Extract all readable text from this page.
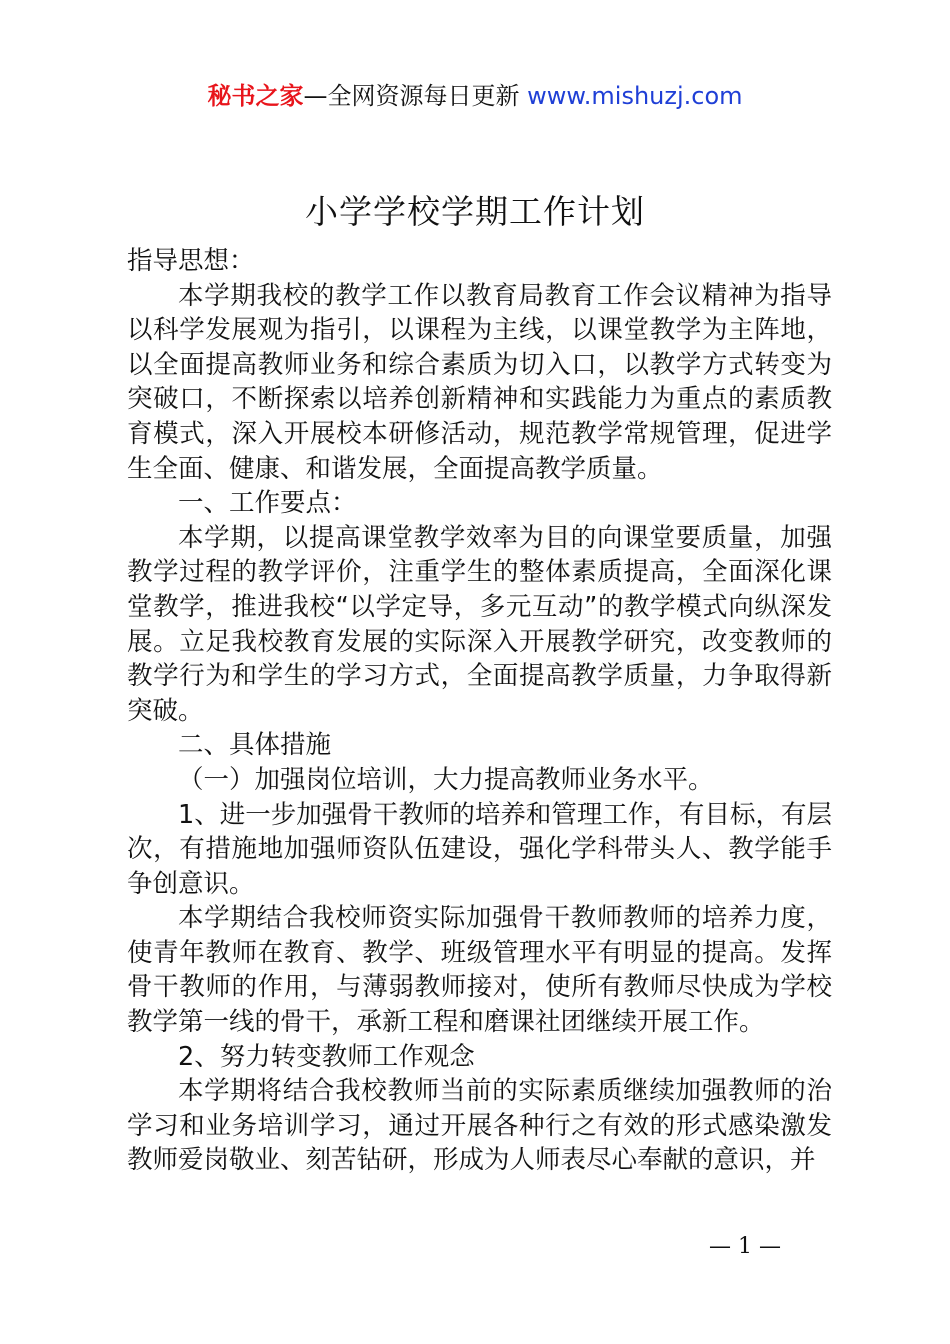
秘书之家—全网资源每日更新 www.mishuzj.com
小学学校学期工作计划

指导思想：

本学期我校的教学工作以教育局教育工作会议精神为指导以科学发展观为指引，以课程为主线，以课堂教学为主阵地，以全面提高教师业务和综合素质为切入口，以教学方式转变为突破口，不断探索以培养创新精神和实践能力为重点的素质教育模式，深入开展校本研修活动，规范教学常规管理，促进学生全面、健康、和谐发展，全面提高教学质量。

一、工作要点：

本学期，以提高课堂教学效率为目的向课堂要质量，加强教学过程的教学评价，注重学生的整体素质提高，全面深化课堂教学，推进我校“以学定导，多元互动”的教学模式向纵深发展。立足我校教育发展的实际深入开展教学研究，改变教师的教学行为和学生的学习方式，全面提高教学质量，力争取得新突破。

二、具体措施

（一）加强岗位培训，大力提高教师业务水平。

1、进一步加强骨干教师的培养和管理工作，有目标，有层次，有措施地加强师资队伍建设，强化学科带头人、教学能手争创意识。

本学期结合我校师资实际加强骨干教师教师的培养力度，使青年教师在教育、教学、班级管理水平有明显的提高。发挥骨干教师的作用，与薄弱教师接对，使所有教师尽快成为学校教学第一线的骨干，承新工程和磨课社团继续开展工作。

2、努力转变教师工作观念

本学期将结合我校教师当前的实际素质继续加强教师的治学习和业务培训学习，通过开展各种行之有效的形式感染激发教师爱岗敬业、刻苦钻研，形成为人师表尽心奉献的意识，并

— 1 —
